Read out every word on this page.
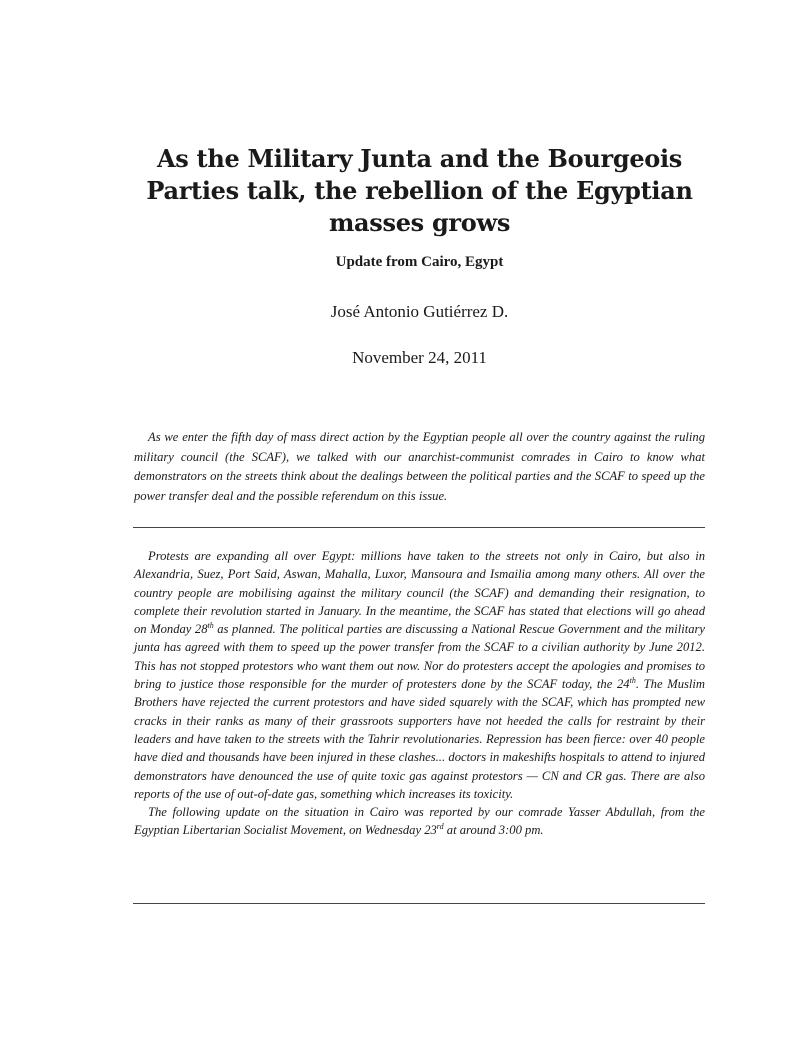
As the Military Junta and the Bourgeois Parties talk, the rebellion of the Egyptian masses grows
Update from Cairo, Egypt
José Antonio Gutiérrez D.
November 24, 2011

As we enter the fifth day of mass direct action by the Egyptian people all over the country against the ruling military council (the SCAF), we talked with our anarchist-communist comrades in Cairo to know what demonstrators on the streets think about the dealings between the political parties and the SCAF to speed up the power transfer deal and the possible referendum on this issue.

Protests are expanding all over Egypt: millions have taken to the streets not only in Cairo, but also in Alexandria, Suez, Port Said, Aswan, Mahalla, Luxor, Mansoura and Ismailia among many others. All over the country people are mobilising against the military council (the SCAF) and demanding their resignation, to complete their revolution started in January. In the meantime, the SCAF has stated that elections will go ahead on Monday 28th as planned. The political parties are discussing a National Rescue Government and the military junta has agreed with them to speed up the power transfer from the SCAF to a civilian authority by June 2012. This has not stopped protestors who want them out now. Nor do protesters accept the apologies and promises to bring to justice those responsible for the murder of protesters done by the SCAF today, the 24th. The Muslim Brothers have rejected the current protestors and have sided squarely with the SCAF, which has prompted new cracks in their ranks as many of their grassroots supporters have not heeded the calls for restraint by their leaders and have taken to the streets with the Tahrir revolutionaries. Repression has been fierce: over 40 people have died and thousands have been injured in these clashes... doctors in makeshifts hospitals to attend to injured demonstrators have denounced the use of quite toxic gas against protestors — CN and CR gas. There are also reports of the use of out-of-date gas, something which increases its toxicity.

The following update on the situation in Cairo was reported by our comrade Yasser Abdullah, from the Egyptian Libertarian Socialist Movement, on Wednesday 23rd at around 3:00 pm.
